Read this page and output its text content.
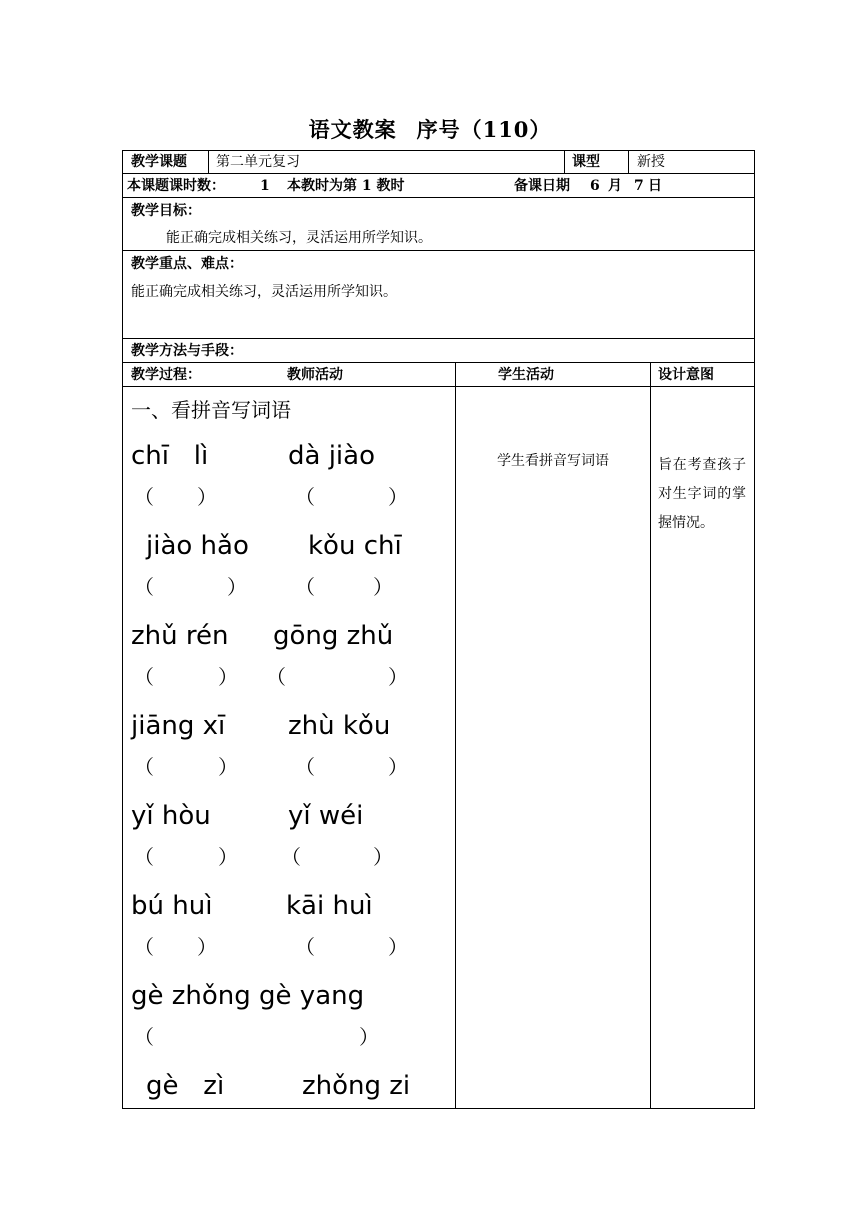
语文教案 序号（110）
教学课题 第二单元复习	课型	新授
本课题课时数：	1 本教时为第 1 教时	备课日期 6 月 7 日
教学目标：
能正确完成相关练习，灵活运用所学知识。
教学重点、难点：
能正确完成相关练习，灵活运用所学知识。
教学方法与手段：
教学过程：	教师活动	学生活动	设计意图
一、看拼音写词语
chī   lì	dà jiào
（ ）	（	）
jiào hǎo kǒu chī
（	） （	）
zhǔ rén gōng zhǔ
（	） （	）
jiāng xī zhù kǒu
（	）	（	）
yǐ hòu	yǐ wéi
（	） （	）
bú huì	kāi huì
（ ）	（	）
gè zhǒng gè yang
（	）
gè   zì	zhǒng zi
学生看拼音写词语	旨在考查孩子对生字词的掌握情况。
